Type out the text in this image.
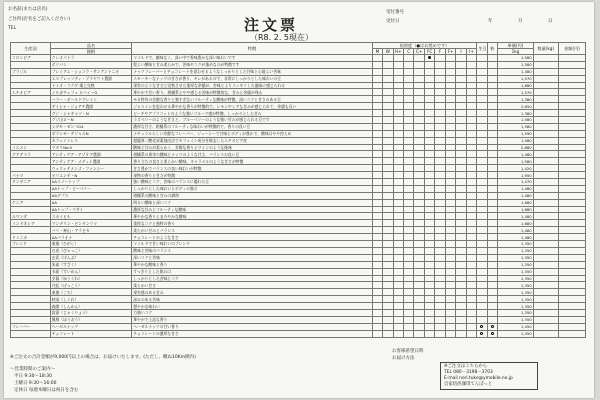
お名前(または店名)
ご住所(店名をご記入ください)
TEL
受付番号
受付日	年	月	日
注文票
（R8. 2. 5現在）
生産国	品名	特徴	焙煎度（●はお奨めです）										生豆	粉	単価(円)	数量(kg)	金額(円)
	銘柄		M	W	H+	C	C+	FC	F	F+	I	I+			1kg		
コロンビア	クレオパトラ	マイルドで、雑味なく、深い中で香味豊かな深い味わいです													1,580		
	ボリバン	程よい酸味と甘み柔らかで、苦味やコクが強めなのが特徴です													1,580		
ブラジル	プレミアム・ショコラ・サンアントニオ	ナッツフレーバーとチョコレートを思わせるようなしっかりとした甘味と心地よい苦味													1,480		
	エスプレッソディ・ブラヤウト農園	スモーキーなナッツの甘さが香り、キレがあるので、非常にしっかりとした味わいの豆													1,570		
	トミオ・フクダ 畑上完熟	果実のような甘さと完熟させた重厚な余韻が、苦味とよりスッキリした風味に感じられる													1,680		
エチオピア	イルガチェフェ ロバイーG	華やかで甘い香り、柑橘系とやや感じる苦味が特徴的な、甘みと余韻が残る													1,570		
	ハラー・ボールドグレイン	モカ特有の芳醇な香りと強すぎないフルーティな酸味が特徴、深いコクと甘さのある豆													1,380		
	ゲイシャ・ジョアチ農園	ジャスミンを思わせる華やかな香りが特徴的で、レモンやレアな甘みが感じられて、余韻も長い													2,650		
	グジ・シャキャソ・N	ピーチやアプリコットのような強いフルーツ感が特徴、しっかりとした甘み													1,380		
	グジ山ローN	ラズベリーのような甘さと、ブルーベリーのような強い甘みが感じられる豆です													1,580		
	シダモ・ゼンベG4	濃厚な甘さ、柑橘系のフルーティな味わいが特徴的で、香りの良い豆													1,580		
	ボランゼ・ゲジャルN	ナチュラルらしい芳醇なフレーバー、ジューシーで甘味とボディが豊かで、酸味はやや控えめ													1,590		
	カフェインレス	超臨界二酸化炭素抽出法でカフェイン成分を除去したエチオピア産													1,580		
イエメン	マタリNo.9	酸味と甘みが柔らかく、芳醇な香りとワインのような後味													2,880		
グアテマラ	アンティグア・アゾテア農園	柑橘系の果実の酸味とナッツのような甘さ、バランスの良い豆													1,480		
	アンティグア・メディナ農園	香り立ちの良さと柔らかい酸味、キャラメルのような甘さが特徴													1,580		
	ウェウェテナンゴ・ファンシー	甘さ豊かでバランスの良い味わいが特徴													1,420		
パナマ	オリエンテ・N	果物の香りと甘さが特徴													1,950		
タンザニア	AAスノートップ	強い酸味とコク、苦味のバランスに優れた豆													1,470		
	AAトップ・ピーベリー	しっかりとした味わいとボディの強さ													1,480		
	AAデプス	柑橘系の酸味と甘みの調和													1,480		
ケニア	AA	明るい酸味と深いコク													1,680		
	AAトップ・マサイ	濃厚な甘みとフルーティな酸味													1,680		
ルワンダ	スカイヒル	華やかな香りとまろやかな酸味													1,480		
インドネシア	マンデリン・ビンタンリマ	重厚なコクと独特の香り													1,680		
	バリ・神山・アラビカ	柔らかい甘みとバランス													1,480		
ドミニカ	AAバラオナ	チョコレートのような甘さ													1,480		
ブレンド	東風（ひがし）	マイルドで甘い味わいのブレンド													1,350		
	白虎（びゃっこ）	酸味と苦味のバランス													1,350		
	玄武（げんぶ）	深いコクと苦味													1,350		
	朱雀（すざく）	華やかな酸味と香り													1,350		
	水面（すいめん）	すっきりとした飲み口													1,350		
	夕暮（ゆうぐれ）	しっかりとした苦味とコク													1,350		
	月虹（げっこう）	柔らかい甘さ													1,350		
	東風（こち）	果実感のある甘み													1,350		
	時雨（しぐれ）	深みのある苦味													1,350		
	森閑（しんかん）	穏やかな味わい													1,350		
	寂寥（じゃくりょう）	力強いコク													1,350		
	鳳凰（ほうおう）	華やかで上品な香り													1,350		
フレーバー	ヘーゼルナッツ	ヘーゼルナッツの甘い香り													1,450		
	チョコレート	チョコレートの濃厚な甘さ													1,450		
※ご注文の合計金額が9,000円以上の場合は、お届けいたします。(ただし、概ね10Km圏内)
～営業時間のご案内～
平日 9:30～18:30
土曜日 9:30～16:00
定休日 毎週木曜日は祝日を含む
お客様希望日時
お届け方法
※ご注文はこちらから
TEL 080－3198－3703
E-mail nori.tuke@ymobile.ne.jp
自家焙煎珈琲てんぽっと
